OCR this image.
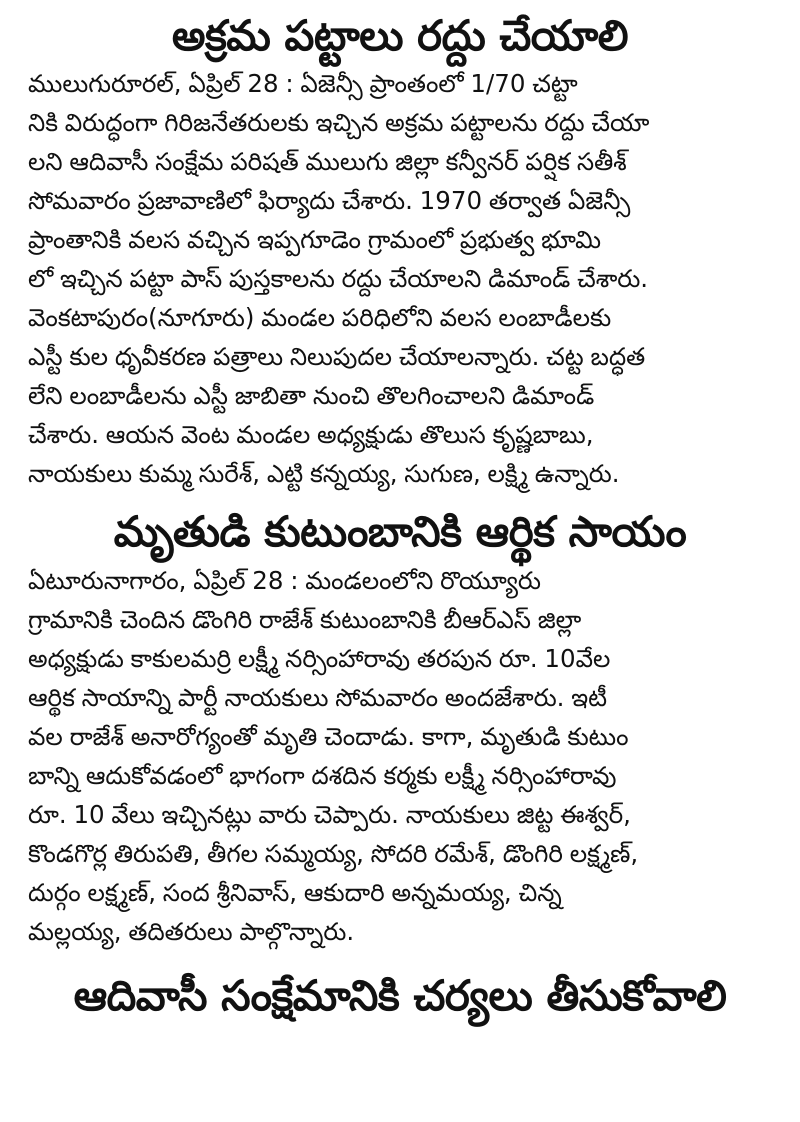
అక్రమ పట్టాలు రద్దు చేయాలి
ములుగురూరల్, ఏప్రిల్ 28 : ఏజెన్సీ ప్రాంతంలో 1/70 చట్టా
నికి విరుద్ధంగా గిరిజనేతరులకు ఇచ్చిన అక్రమ పట్టాలను రద్దు చేయా
లని ఆదివాసీ సంక్షేమ పరిషత్ ములుగు జిల్లా కన్వీనర్ పర్షిక సతీశ్
సోమవారం ప్రజావాణిలో ఫిర్యాదు చేశారు. 1970 తర్వాత ఏజెన్సీ
ప్రాంతానికి వలస వచ్చిన ఇప్పగూడెం గ్రామంలో ప్రభుత్వ భూమి
లో ఇచ్చిన పట్టా పాస్ పుస్తకాలను రద్దు చేయాలని డిమాండ్ చేశారు.
వెంకటాపురం(నూగూరు) మండల పరిధిలోని వలస లంబాడీలకు
ఎస్టీ కుల ధృవీకరణ పత్రాలు నిలుపుదల చేయాలన్నారు. చట్ట బద్ధత
లేని లంబాడీలను ఎస్టీ జాబితా నుంచి తొలగించాలని డిమాండ్
చేశారు. ఆయన వెంట మండల అధ్యక్షుడు తొలుస కృష్ణబాబు,
నాయకులు కుమ్మ సురేశ్, ఎట్టి కన్నయ్య, సుగుణ, లక్ష్మి ఉన్నారు.
మృతుడి కుటుంబానికి ఆర్థిక సాయం
ఏటూరునాగారం, ఏప్రిల్ 28 : మండలంలోని రొయ్యూరు
గ్రామానికి చెందిన డొంగిరి రాజేశ్ కుటుంబానికి బీఆర్ఎస్ జిల్లా
అధ్యక్షుడు కాకులమర్రి లక్ష్మీ నర్సింహారావు తరపున రూ. 10వేల
ఆర్థిక సాయాన్ని పార్టీ నాయకులు సోమవారం అందజేశారు. ఇటీ
వల రాజేశ్ అనారోగ్యంతో మృతి చెందాడు. కాగా, మృతుడి కుటుం
బాన్ని ఆదుకోవడంలో భాగంగా దశదిన కర్మకు లక్ష్మీ నర్సింహారావు
రూ. 10 వేలు ఇచ్చినట్లు వారు చెప్పారు. నాయకులు జిట్ట ఈశ్వర్,
కొండగొర్ల తిరుపతి, తీగల సమ్మయ్య, సోదరి రమేశ్, డొంగిరి లక్ష్మణ్,
దుర్గం లక్ష్మణ్, సంద శ్రీనివాస్, ఆకుదారి అన్నమయ్య, చిన్న
మల్లయ్య, తదితరులు పాల్గొన్నారు.
ఆదివాసీ సంక్షేమానికి చర్యలు తీసుకోవాలి
